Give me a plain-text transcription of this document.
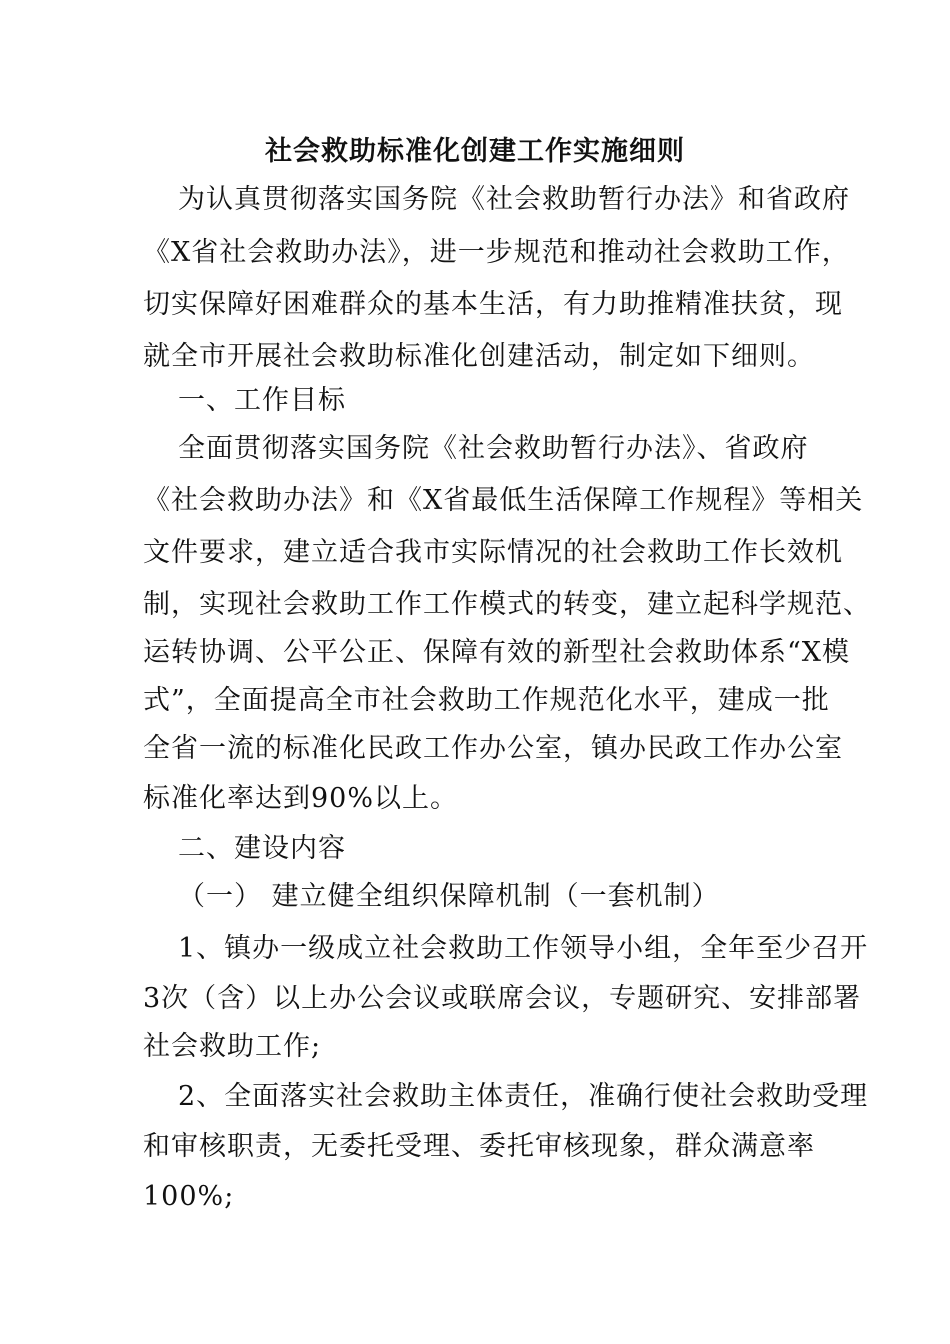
社会救助标准化创建工作实施细则
为认真贯彻落实国务院《社会救助暂行办法》和省政府
《X省社会救助办法》，进一步规范和推动社会救助工作，
切实保障好困难群众的基本生活，有力助推精准扶贫，现
就全市开展社会救助标准化创建活动，制定如下细则。
一、工作目标
全面贯彻落实国务院《社会救助暂行办法》、省政府
《社会救助办法》和《X省最低生活保障工作规程》等相关
文件要求，建立适合我市实际情况的社会救助工作长效机
制，实现社会救助工作工作模式的转变，建立起科学规范、
运转协调、公平公正、保障有效的新型社会救助体系“X模
式”，全面提高全市社会救助工作规范化水平，建成一批
全省一流的标准化民政工作办公室，镇办民政工作办公室
标准化率达到90%以上。
二、建设内容
（一） 建立健全组织保障机制（一套机制）
1、镇办一级成立社会救助工作领导小组，全年至少召开
3次（含）以上办公会议或联席会议，专题研究、安排部署
社会救助工作;
2、全面落实社会救助主体责任，准确行使社会救助受理
和审核职责，无委托受理、委托审核现象，群众满意率
100%;
